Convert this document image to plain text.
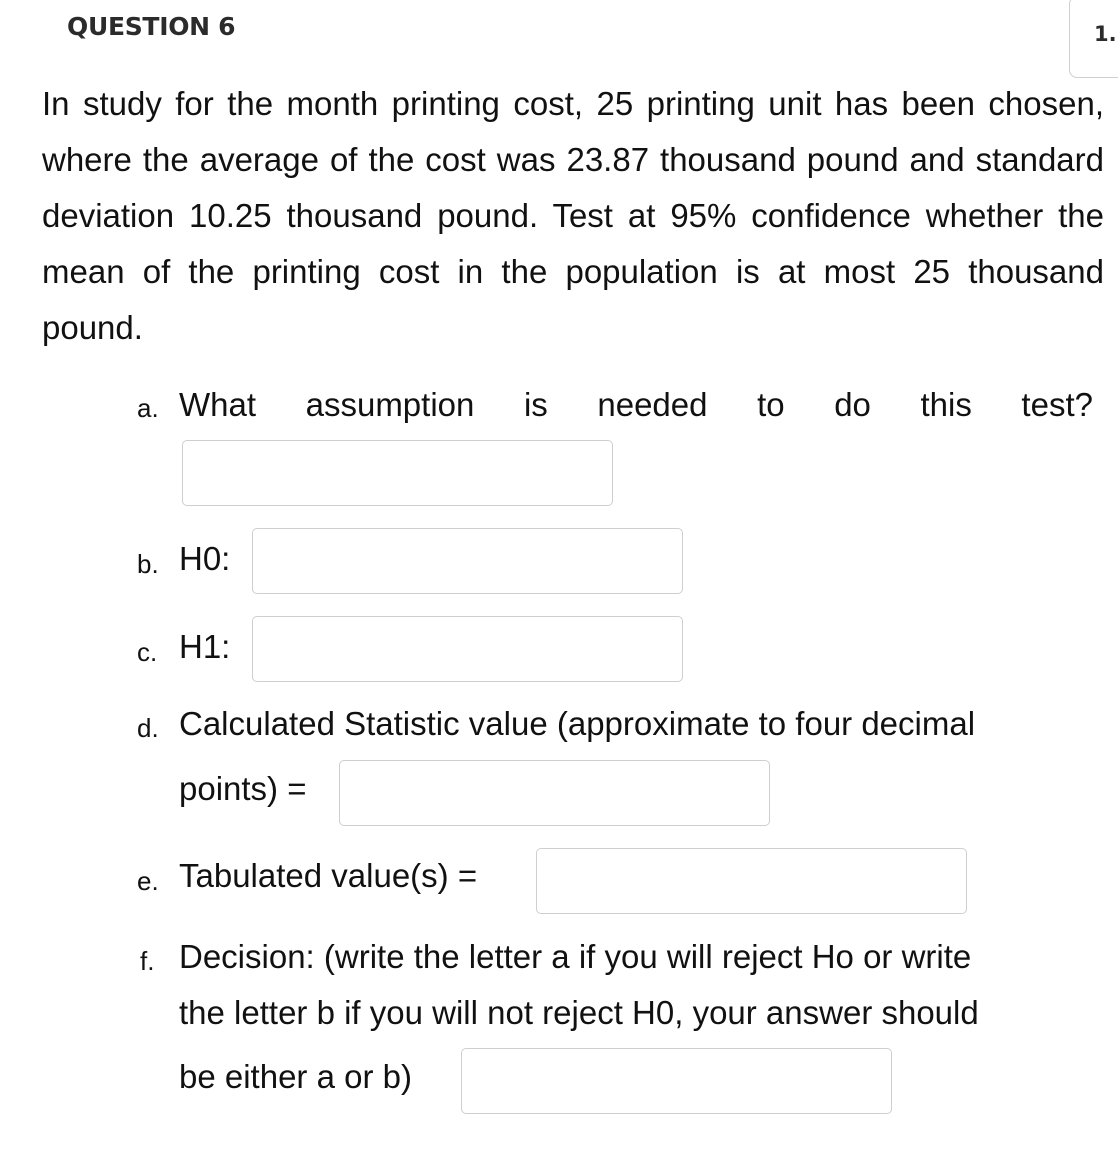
QUESTION 6	1.
In study for the month printing cost, 25 printing unit has been chosen, where the average of the cost was 23.87 thousand pound and standard deviation 10.25 thousand pound. Test at 95% confidence whether the mean of the printing cost in the population is at most 25 thousand pound.
a. What assumption is needed to do this test?
b. H0:
c. H1:
d. Calculated Statistic value (approximate to four decimal
points) =
e. Tabulated value(s) =
f. Decision: (write the letter a if you will reject Ho or write
the letter b if you will not reject H0, your answer should
be either a or b)
